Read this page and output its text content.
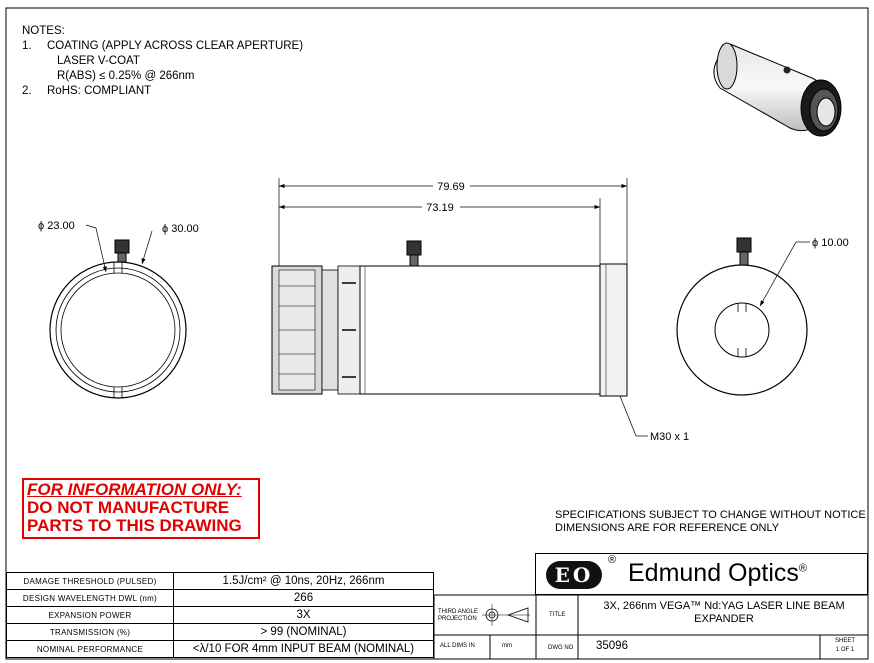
NOTES:
1. COATING (APPLY ACROSS CLEAR APERTURE)
LASER V-COAT
R(ABS) ≤ 0.25% @ 266nm
2. RoHS: COMPLIANT
79.69
73.19
M30 x 1
ϕ 23.00	ϕ 30.00
ϕ 10.00
FOR INFORMATION ONLY:
DO NOT MANUFACTURE
PARTS TO THIS DRAWING
SPECIFICATIONS SUBJECT TO CHANGE WITHOUT NOTICE
DIMENSIONS ARE FOR REFERENCE ONLY
EO
® Edmund Optics®
DAMAGE THRESHOLD (PULSED)	1.5J/cm² @ 10ns, 20Hz, 266nm
DESIGN WAVELENGTH DWL (nm)	266
EXPANSION POWER	3X
TRANSMISSION (%)	> 99 (NOMINAL)
NOMINAL PERFORMANCE	<λ/10 FOR 4mm INPUT BEAM (NOMINAL)
THIRD ANGLE PROJECTION
TITLE
3X, 266nm VEGA™ Nd:YAG LASER LINE BEAM
EXPANDER
ALL DIMS IN	mm	DWG NO 35096	SHEET
1 OF 1
